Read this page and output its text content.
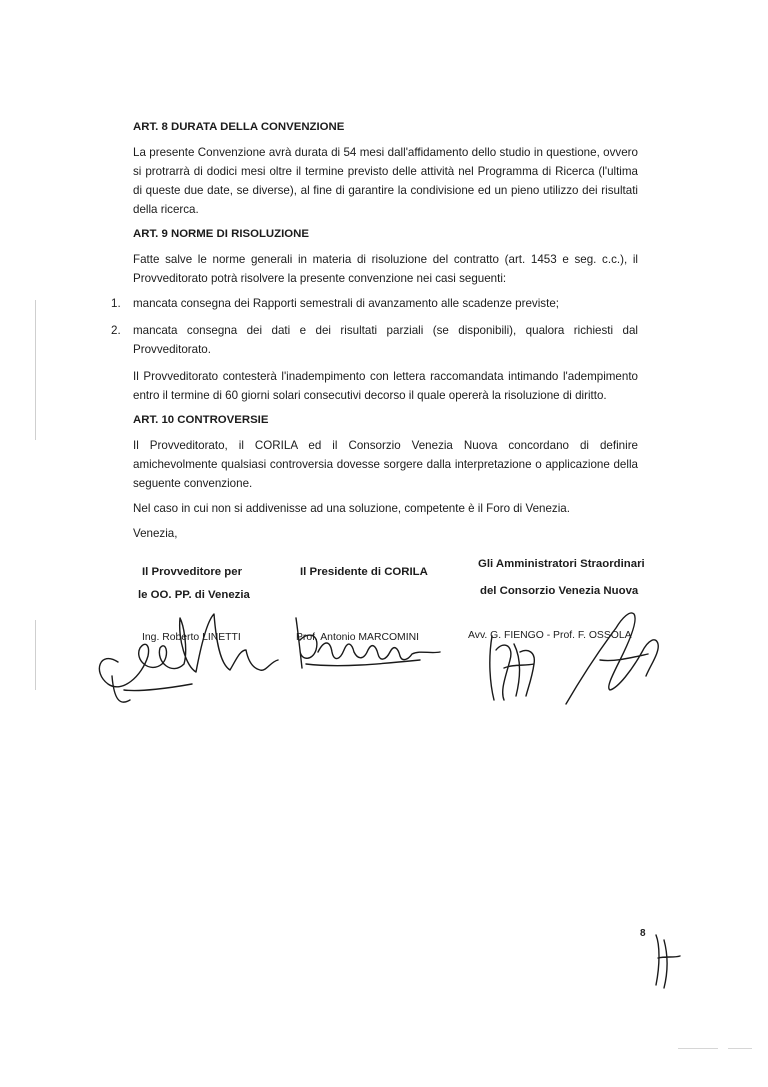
ART. 8 DURATA DELLA CONVENZIONE

La presente Convenzione avrà durata di 54 mesi dall'affidamento dello studio in questione, ovvero si protrarrà di dodici mesi oltre il termine previsto delle attività nel Programma di Ricerca (l'ultima di queste due date, se diverse), al fine di garantire la condivisione ed un pieno utilizzo dei risultati della ricerca.

ART. 9 NORME DI RISOLUZIONE

Fatte salve le norme generali in materia di risoluzione del contratto (art. 1453 e seg. c.c.), il Provveditorato potrà risolvere la presente convenzione nei casi seguenti:

1. mancata consegna dei Rapporti semestrali di avanzamento alle scadenze previste;
2. mancata consegna dei dati e dei risultati parziali (se disponibili), qualora richiesti dal Provveditorato.

Il Provveditorato contesterà l'inadempimento con lettera raccomandata intimando l'adempimento entro il termine di 60 giorni solari consecutivi decorso il quale opererà la risoluzione di diritto.

ART. 10 CONTROVERSIE

Il Provveditorato, il CORILA ed il Consorzio Venezia Nuova concordano di definire amichevolmente qualsiasi controversia dovesse sorgere dalla interpretazione o applicazione della seguente convenzione.

Nel caso in cui non si addivenisse ad una soluzione, competente è il Foro di Venezia.

Venezia,
Il Provveditore per	Il Presidente di CORILA
Gli Amministratori Straordinari
le OO. PP. di Venezia	del Consorzio Venezia Nuova
Ing. Roberto LINETTI	Prof. Antonio MARCOMINI	Avv. G. FIENGO - Prof. F. OSSOLA
8
